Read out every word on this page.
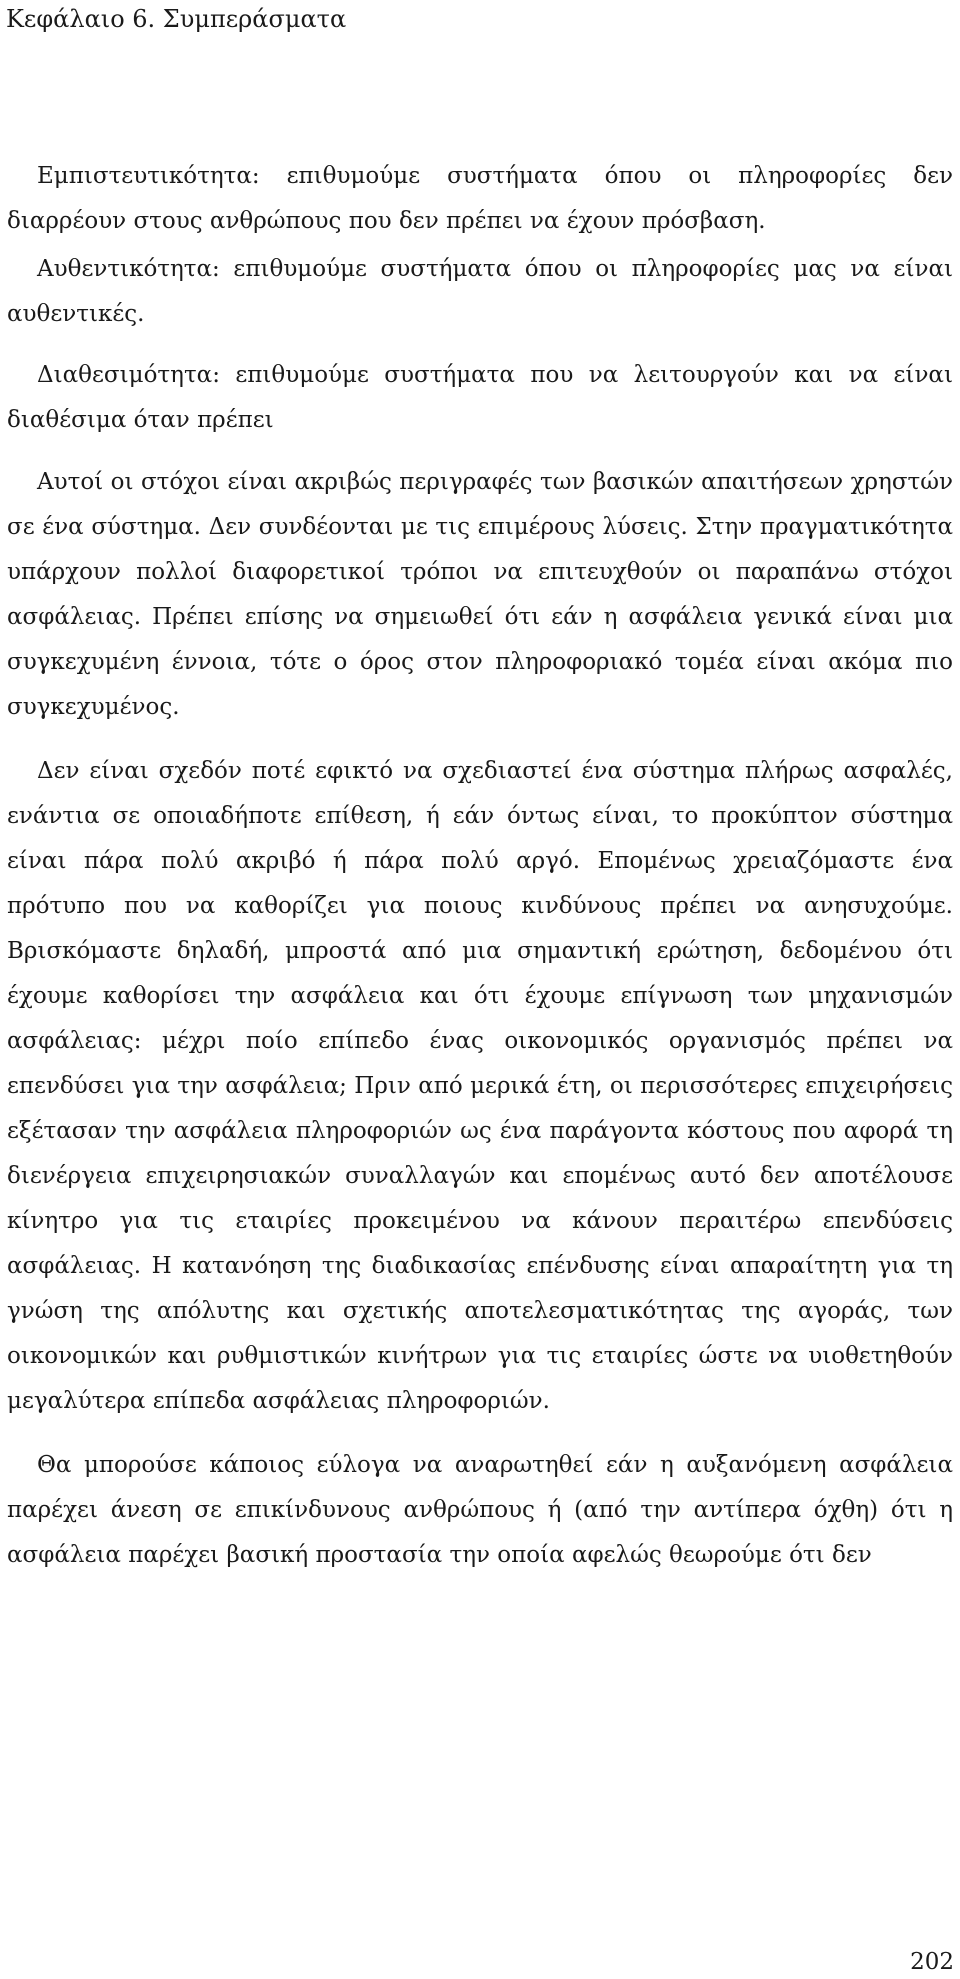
Κεφάλαιο 6. Συμπεράσματα

Εμπιστευτικότητα: επιθυμούμε συστήματα όπου οι πληροφορίες δεν διαρρέουν στους ανθρώπους που δεν πρέπει να έχουν πρόσβαση.

Αυθεντικότητα: επιθυμούμε συστήματα όπου οι πληροφορίες μας να είναι αυθεντικές.

Διαθεσιμότητα: επιθυμούμε συστήματα που να λειτουργούν και να είναι διαθέσιμα όταν πρέπει

Αυτοί οι στόχοι είναι ακριβώς περιγραφές των βασικών απαιτήσεων χρηστών σε ένα σύστημα. Δεν συνδέονται με τις επιμέρους λύσεις. Στην πραγματικότητα υπάρχουν πολλοί διαφορετικοί τρόποι να επιτευχθούν οι παραπάνω στόχοι ασφάλειας. Πρέπει επίσης να σημειωθεί ότι εάν η ασφάλεια γενικά είναι μια συγκεχυμένη έννοια, τότε ο όρος στον πληροφοριακό τομέα είναι ακόμα πιο συγκεχυμένος.

Δεν είναι σχεδόν ποτέ εφικτό να σχεδιαστεί ένα σύστημα πλήρως ασφαλές, ενάντια σε οποιαδήποτε επίθεση, ή εάν όντως είναι, το προκύπτον σύστημα είναι πάρα πολύ ακριβό ή πάρα πολύ αργό. Επομένως χρειαζόμαστε ένα πρότυπο που να καθορίζει για ποιους κινδύνους πρέπει να ανησυχούμε. Βρισκόμαστε δηλαδή, μπροστά από μια σημαντική ερώτηση, δεδομένου ότι έχουμε καθορίσει την ασφάλεια και ότι έχουμε επίγνωση των μηχανισμών ασφάλειας: μέχρι ποίο επίπεδο ένας οικονομικός οργανισμός πρέπει να επενδύσει για την ασφάλεια; Πριν από μερικά έτη, οι περισσότερες επιχειρήσεις εξέτασαν την ασφάλεια πληροφοριών ως ένα παράγοντα κόστους που αφορά τη διενέργεια επιχειρησιακών συναλλαγών και επομένως αυτό δεν αποτέλουσε κίνητρο για τις εταιρίες προκειμένου να κάνουν περαιτέρω επενδύσεις ασφάλειας. Η κατανόηση της διαδικασίας επένδυσης είναι απαραίτητη για τη γνώση της απόλυτης και σχετικής αποτελεσματικότητας της αγοράς, των οικονομικών και ρυθμιστικών κινήτρων για τις εταιρίες ώστε να υιοθετηθούν μεγαλύτερα επίπεδα ασφάλειας πληροφοριών.

Θα μπορούσε κάποιος εύλογα να αναρωτηθεί εάν η αυξανόμενη ασφάλεια παρέχει άνεση σε επικίνδυνους ανθρώπους ή (από την αντίπερα όχθη) ότι η ασφάλεια παρέχει βασική προστασία την οποία αφελώς θεωρούμε ότι δεν

202
